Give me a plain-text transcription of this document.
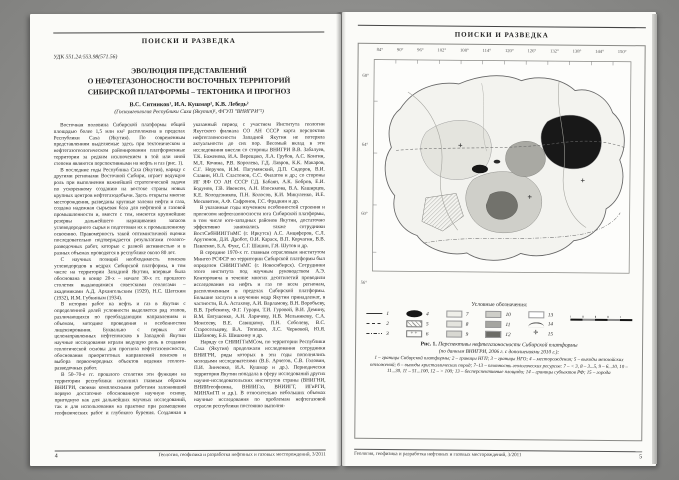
ПОИСКИ И РАЗВЕДКА
УДК 551.24:553.98(571.56)
ЭВОЛЮЦИЯ ПРЕДСТАВЛЕНИЙ
О НЕФТЕГАЗОНОСНОСТИ ВОСТОЧНЫХ ТЕРРИТОРИЙ
СИБИРСКОЙ ПЛАТФОРМЫ – ТЕКТОНИКА И ПРОГНОЗ
В.С. Ситников¹, И.А. Кушмар², К.В. Лебедь²
(Госкомгеология Республики Саха (Якутия)¹, ФГУП "ВНИГРИ"²)

Восточная половина Сибирской платформы общей площадью более 1,5 млн км² расположена в пределах Республики Саха (Якутия). По современным представлениям выделяемые здесь при тектоническом и нефтегазогеологическом районировании платформенные территории за редким исключением в той или иной степени являются перспективными на нефть и газ (рис. 1).

В последние годы Республика Саха (Якутия), наряду с другими регионами Восточной Сибири, играет ведущую роль при выполнении важнейшей стратегической задачи по ускоренному созданию на востоке страны новых крупных центров нефтегазодобычи. Здесь открыты многие месторождения, разведаны крупные залежи нефти и газа, создана надежная сырьевая база для нефтяной и газовой промышленности и, вместе с тем, имеются крупнейшие резервы дальнейшего наращивания запасов углеводородного сырья и подготовки их к промышленному освоению. Правомерность такой оптимистичной оценки последовательно подтверждается результатами геолого-разведочных работ, которые с разной активностью и в разных объемах проводятся в республике около 80 лет.

С научных позиций необходимость поисков углеводородов в недрах Сибирской платформы, в том числе на территории Западной Якутии, впервые была обоснована в конце 20-х – начале 30-х гг. прошлого столетия выдающимися советскими геологами – академиками А.Д. Архангельским (1929), Н.С. Шатским (1932), И.М. Губкиным (1934).

В истории работ на нефть и газ в Якутии с определенной долей условности выделяется ряд этапов, различающихся по преобладающим направлениям и объемам, методике проведения и особенностям лицензирования. Буквально с первых лет целенаправленных нефтепоисков в Западной Якутии научные исследования играли ведущую роль в создании геологической основы для прогноза нефтегазоносности, обоснования приоритетных направлений поисков и выбора первоочередных объектов ведения геолого-разведочных работ.

В 50–70-е гг. прошлого столетия эти функции на территории республики исполнял главным образом ВНИГРИ, своими комплексными работами заложивший первую достаточно обоснованную научную основу, пригодную как для дальнейших научных исследований, так и для использования на практике при размещении геофизических работ и глубокого бурения. Созданная в указанный период с участием Института геологии Якутского филиала СО АН СССР карта перспектив нефтегазоносности Западной Якутии не потеряла актуальности до сих пор. Весомый вклад в эти исследования внесли со стороны ВНИГРИ В.В. Забалуев, Т.К. Баженова, И.А. Верещако, Л.А. Грубов, А.С. Конгин, М.Л. Кочина, Р.В. Королева, Г.Д. Лавров, К.К. Макаров, С.Г. Неручев, И.М. Пагумянский, Д.П. Сидоров, В.И. Славин, Ю.Л. Сластенов, С.С. Филатов и др.; со стороны ИГ ЯФ СО АН СССР Г.Д. Бабаян, А.К. Бобров, Е.И. Бодунов, Г.В. Ивенсен, А.Н. Изосимова, В.А. Каширцев, К.Е. Колодезников, П.Н. Колосов, К.И. Микуленко, И.Е. Москвитин, А.Ф. Сафронов, Г.С. Фрадкин и др.

В указанные годы изучением особенностей строения и прогнозом нефтегазоносности юга Сибирской платформы, в том числе юго-западных районов Якутии, достаточно эффективно занимались также сотрудники ВостСибНИИГГиМС (г. Иркутск) А.С. Анциферов, С.Л. Арутюнов, Д.И. Дробот, О.И. Караск, В.П. Корчагин, В.В. Павленко, Б.А. Фукс, С.Г. Шашин, Г.Я. Шутов и др.

В середине 1970-х гг. главным отраслевым институтом Мингео РСФСР по территории Сибирской платформы был определен СНИИГГиМС (г. Новосибирск). Сотрудники этого института под научным руководством А.Э. Конторовича в течение многих десятилетий проводили исследования на нефть и газ по всем регионам, расположенным в пределах Сибирской платформы. Большие заслуги в изучении недр Якутии принадлежат, в частности, В.А. Астахову, А.И. Варламову, В.Н. Воробьеву, В.В. Гребенюку, Ф.Г. Гурари, Т.И. Гуровой, В.И. Демину, В.М. Евтушенко, А.Н. Ларичеву, Н.В. Мельникову, С.А. Моисееву, В.Е. Савицкому, П.Н. Соболеву, В.С. Старосельцеву, В.А. Топешко, Л.С. Черновой, Ю.Я. Шабанову, Б.Б. Шишкину и др.

Наряду со СНИИГГиМСом, по территории Республики Саха (Якутия) продолжали исследования сотрудники ВНИГРИ, ряды которых в эти годы пополнялись молодыми исследователями (В.Б. Арчегов, С.В. Головин, П.И. Зинченко, И.А. Кушмар и др.). Периодически территория Якутии попадала в сферу исследований других научно-исследовательских институтов страны (ВНИГНИ, ВНИИгеофизика, ВНИИГаз, ВНИИГТ, ИГиРГИ, МИНХиГП и др.). В относительно небольших объемах научные исследования по проблемам нефтегазовой отрасли республики постоянно выполня-

4	Геология, геофизика и разработка нефтяных и газовых месторождений, 3/2011
ПОИСКИ И РАЗВЕДКА
84°	90°	96°	102°	108°	114°	120°	126°	132°	138°	144°	150°
68°
64°
60°
56°
Условные обозначения:
1
2
3
4
5
+ +
6
7
8
9
10
11
12
13
14
✛
15
Рис. 1. Перспективы нефтегазоносности Сибирской платформы
(по данным ВНИГРИ, 2006 г. с дополнениями 2010 г.):
1 – границы Сибирской платформы; 2 – границы НГП; 3 – границы НГО; 4 – месторождения; 5 – выходы мезозойских отложений; 6 – выходы кристаллических пород; 7–13 – плотность геологических ресурсов: 7 – < 3, 8 – 3...5, 9 – 6...10, 10 – 11...30, 11 – 51...100, 12 – > 100; 13 – бесперспективные площади; 14 – границы субъектов РФ; 15 – города
Геология, геофизика и разработка нефтяных и газовых месторождений, 3/2011	5
